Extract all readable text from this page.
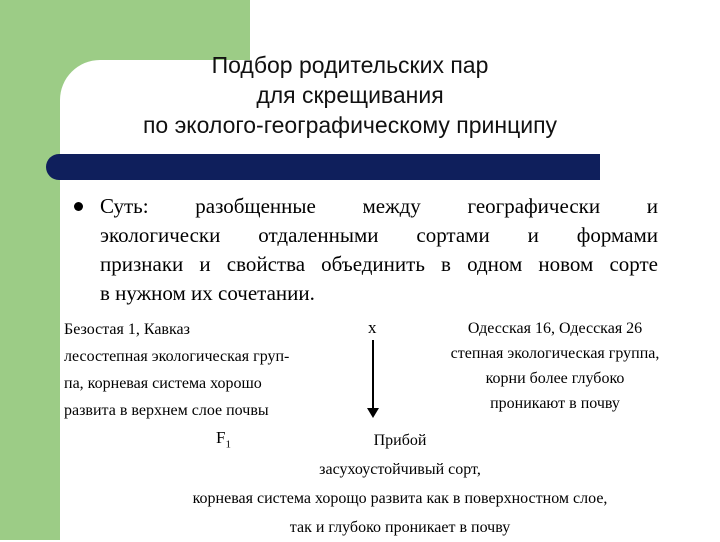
Подбор родительских пар
для скрещивания
по эколого-географическому принципу
Суть: разобщенные между географически и
экологически отдаленными сортами и формами
признаки и свойства объединить в одном новом сорте
в нужном их сочетании.
Безостая 1, Кавказ
лесостепная экологическая груп-
па, корневая система хорошо
развита в верхнем слое почвы
x	Одесская 16, Одесская 26
степная экологическая группа,
корни более глубоко
проникают в почву
$F_1$	Прибой
засухоустойчивый сорт,
корневая система хорощо развита как в поверхностном слое,
так и глубоко проникает в почву
